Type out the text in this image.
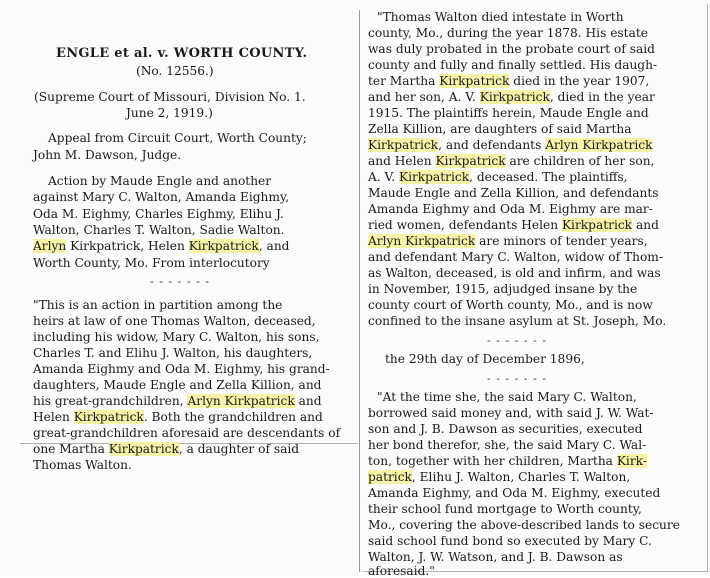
ENGLE et al. v. WORTH COUNTY.
(No. 12556.)
(Supreme Court of Missouri, Division No. 1.
June 2, 1919.)
Appeal from Circuit Court, Worth County;
John M. Dawson, Judge.
Action by Maude Engle and another
against Mary C. Walton, Amanda Eighmy,
Oda M. Eighmy, Charles Eighmy, Elihu J.
Walton, Charles T. Walton, Sadie Walton.
Arlyn Kirkpatrick, Helen Kirkpatrick, and
Worth County, Mo. From interlocutory
- - - - - - -
"This is an action in partition among the
heirs at law of one Thomas Walton, deceased,
including his widow, Mary C. Walton, his sons,
Charles T. and Elihu J. Walton, his daughters,
Amanda Eighmy and Oda M. Eighmy, his grand-
daughters, Maude Engle and Zella Killion, and
his great-grandchildren, Arlyn Kirkpatrick and
Helen Kirkpatrick. Both the grandchildren and
great-grandchildren aforesaid are descendants of
one Martha Kirkpatrick, a daughter of said
Thomas Walton.
"Thomas Walton died intestate in Worth
county, Mo., during the year 1878. His estate
was duly probated in the probate court of said
county and fully and finally settled. His daugh-
ter Martha Kirkpatrick died in the year 1907,
and her son, A. V. Kirkpatrick, died in the year
1915. The plaintiffs herein, Maude Engle and
Zella Killion, are daughters of said Martha
Kirkpatrick, and defendants Arlyn Kirkpatrick
and Helen Kirkpatrick are children of her son,
A. V. Kirkpatrick, deceased. The plaintiffs,
Maude Engle and Zella Killion, and defendants
Amanda Eighmy and Oda M. Eighmy are mar-
ried women, defendants Helen Kirkpatrick and
Arlyn Kirkpatrick are minors of tender years,
and defendant Mary C. Walton, widow of Thom-
as Walton, deceased, is old and infirm, and was
in November, 1915, adjudged insane by the
county court of Worth county, Mo., and is now
confined to the insane asylum at St. Joseph, Mo.
- - - - - - -
the 29th day of December 1896,
- - - - - - -
"At the time she, the said Mary C. Walton,
borrowed said money and, with said J. W. Wat-
son and J. B. Dawson as securities, executed
her bond therefor, she, the said Mary C. Wal-
ton, together with her children, Martha Kirk-
patrick, Elihu J. Walton, Charles T. Walton,
Amanda Eighmy, and Oda M. Eighmy, executed
their school fund mortgage to Worth county,
Mo., covering the above-described lands to secure
said school fund bond so executed by Mary C.
Walton, J. W. Watson, and J. B. Dawson as
aforesaid."
